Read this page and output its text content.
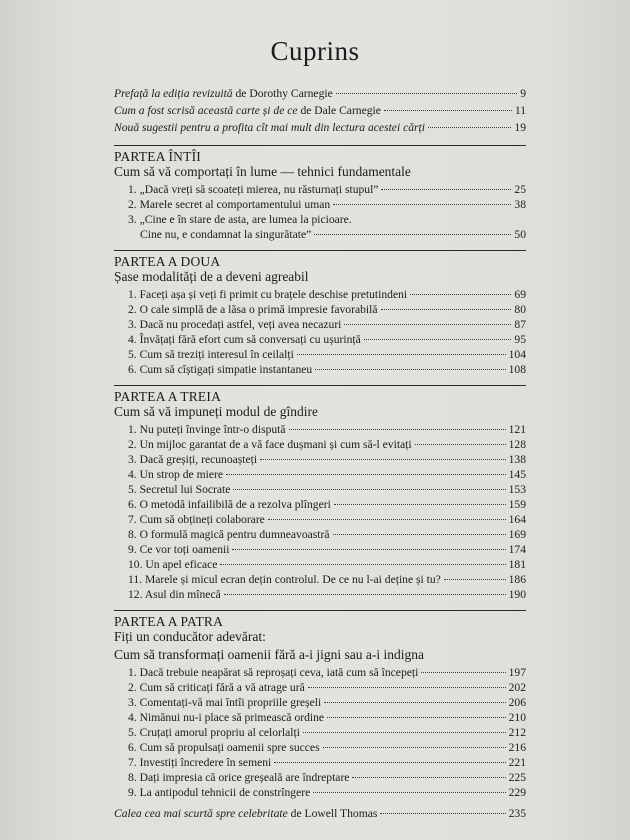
Cuprins
Prefață la ediția revizuită de Dorothy Carnegie	9
Cum a fost scrisă această carte și de ce de Dale Carnegie	11
Nouă sugestii pentru a profita cît mai mult din lectura acestei cărți	19
PARTEA ÎNTÎI
Cum să vă comportați în lume — tehnici fundamentale
1. „Dacă vreți să scoateți mierea, nu răsturnați stupul”	25
2. Marele secret al comportamentului uman	38
3. „Cine e în stare de asta, are lumea la picioare.
Cine nu, e condamnat la singurătate”	50
PARTEA A DOUA
Șase modalități de a deveni agreabil
1. Faceți așa și veți fi primit cu brațele deschise pretutindeni	69
2. O cale simplă de a lăsa o primă impresie favorabilă	80
3. Dacă nu procedați astfel, veți avea necazuri	87
4. Învățați fără efort cum să conversați cu ușurință	95
5. Cum să treziți interesul în ceilalți	104
6. Cum să cîștigați simpatie instantaneu	108
PARTEA A TREIA
Cum să vă impuneți modul de gîndire
1. Nu puteți învinge într-o dispută	121
2. Un mijloc garantat de a vă face dușmani și cum să-l evitați	128
3. Dacă greșiți, recunoașteți	138
4. Un strop de miere	145
5. Secretul lui Socrate	153
6. O metodă infailibilă de a rezolva plîngeri	159
7. Cum să obțineți colaborare	164
8. O formulă magică pentru dumneavoastră	169
9. Ce vor toți oamenii	174
10. Un apel eficace	181
11. Marele și micul ecran dețin controlul. De ce nu l-ai deține și tu?	186
12. Asul din mînecă	190
PARTEA A PATRA
Fiți un conducător adevărat:
Cum să transformați oamenii fără a-i jigni sau a-i indigna
1. Dacă trebuie neapărat să reproșați ceva, iată cum să începeți	197
2. Cum să criticați fără a vă atrage ură	202
3. Comentați-vă mai întîi propriile greșeli	206
4. Nimănui nu-i place să primească ordine	210
5. Cruțați amorul propriu al celorlalți	212
6. Cum să propulsați oamenii spre succes	216
7. Investiți încredere în semeni	221
8. Dați impresia că orice greșeală are îndreptare	225
9. La antipodul tehnicii de constrîngere	229
Calea cea mai scurtă spre celebritate de Lowell Thomas	235
